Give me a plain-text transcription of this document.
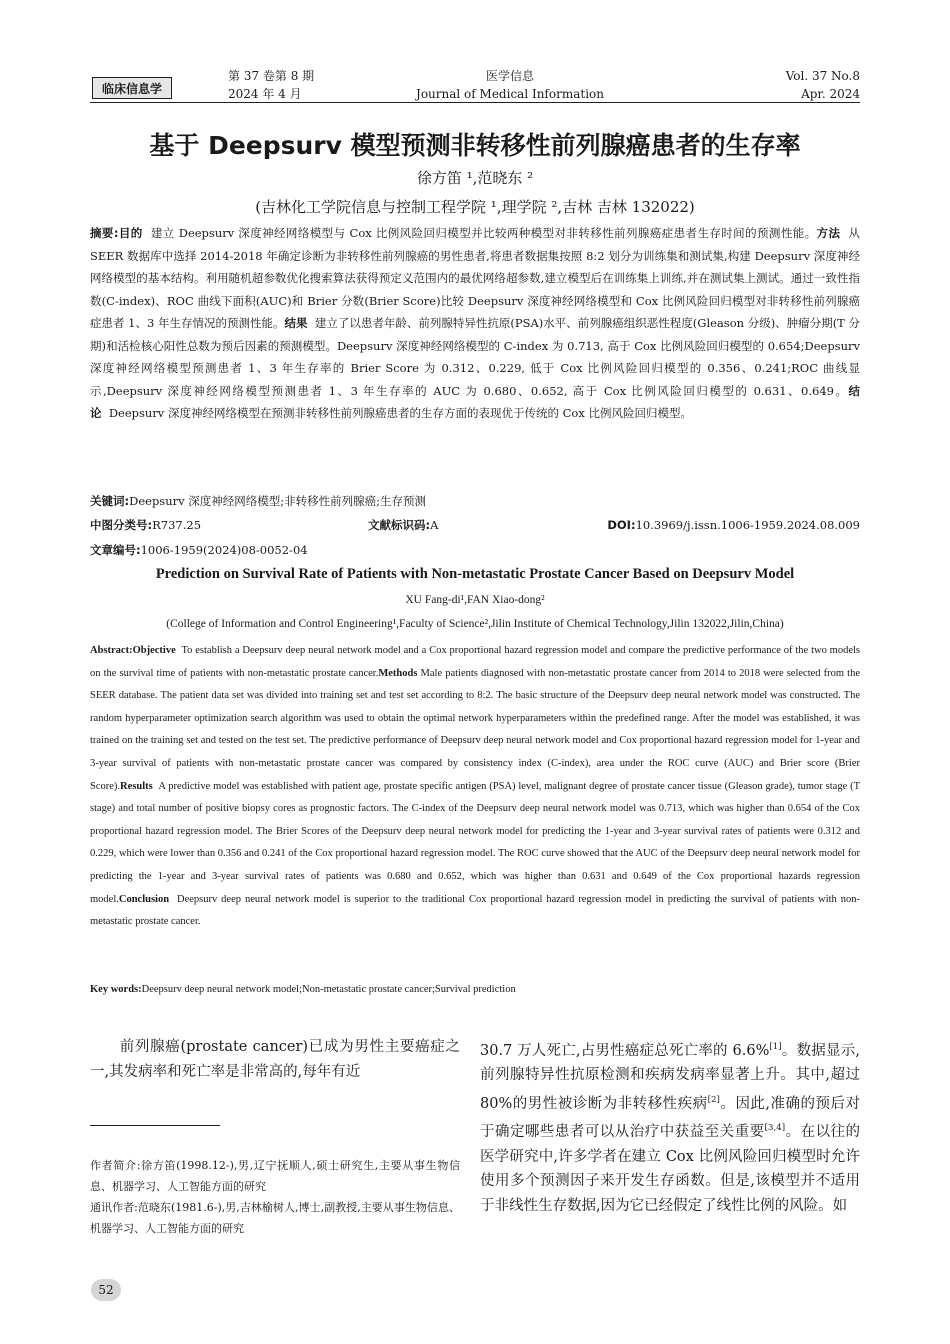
临床信息学
第 37 卷第 8 期
2024 年 4 月
医学信息
Journal of Medical Information
Vol. 37 No.8
Apr. 2024
基于 Deepsurv 模型预测非转移性前列腺癌患者的生存率
徐方笛 ¹,范晓东 ²
(吉林化工学院信息与控制工程学院 ¹,理学院 ²,吉林 吉林 132022)
摘要:目的 建立 Deepsurv 深度神经网络模型与 Cox 比例风险回归模型并比较两种模型对非转移性前列腺癌症患者生存时间的预测性能。方法 从 SEER 数据库中选择 2014-2018 年确定诊断为非转移性前列腺癌的男性患者,将患者数据集按照 8:2 划分为训练集和测试集,构建 Deepsurv 深度神经网络模型的基本结构。利用随机超参数优化搜索算法获得预定义范围内的最优网络超参数,建立模型后在训练集上训练,并在测试集上测试。通过一致性指数(C-index)、ROC 曲线下面积(AUC)和 Brier 分数(Brier Score)比较 Deepsurv 深度神经网络模型和 Cox 比例风险回归模型对非转移性前列腺癌症患者 1、3 年生存情况的预测性能。结果 建立了以患者年龄、前列腺特异性抗原(PSA)水平、前列腺癌组织恶性程度(Gleason 分级)、肿瘤分期(T 分期)和活检核心阳性总数为预后因素的预测模型。Deepsurv 深度神经网络模型的 C-index 为 0.713, 高于 Cox 比例风险回归模型的 0.654;Deepsurv 深度神经网络模型预测患者 1、3 年生存率的 Brier Score 为 0.312、0.229, 低于 Cox 比例风险回归模型的 0.356、0.241;ROC 曲线显示,Deepsurv 深度神经网络模型预测患者 1、3 年生存率的 AUC 为 0.680、0.652, 高于 Cox 比例风险回归模型的 0.631、0.649。结论 Deepsurv 深度神经网络模型在预测非转移性前列腺癌患者的生存方面的表现优于传统的 Cox 比例风险回归模型。
关键词:Deepsurv 深度神经网络模型;非转移性前列腺癌;生存预测
中图分类号:R737.25	文献标识码:A	DOI:10.3969/j.issn.1006-1959.2024.08.009
文章编号:1006-1959(2024)08-0052-04
Prediction on Survival Rate of Patients with Non-metastatic Prostate Cancer Based on Deepsurv Model
XU Fang-di¹,FAN Xiao-dong²
(College of Information and Control Engineering¹,Faculty of Science²,Jilin Institute of Chemical Technology,Jilin 132022,Jilin,China)
Abstract:Objective To establish a Deepsurv deep neural network model and a Cox proportional hazard regression model and compare the predictive performance of the two models on the survival time of patients with non-metastatic prostate cancer.Methods Male patients diagnosed with non-metastatic prostate cancer from 2014 to 2018 were selected from the SEER database. The patient data set was divided into training set and test set according to 8:2. The basic structure of the Deepsurv deep neural network model was constructed. The random hyperparameter optimization search algorithm was used to obtain the optimal network hyperparameters within the predefined range. After the model was established, it was trained on the training set and tested on the test set. The predictive performance of Deepsurv deep neural network model and Cox proportional hazard regression model for 1-year and 3-year survival of patients with non-metastatic prostate cancer was compared by consistency index (C-index), area under the ROC curve (AUC) and Brier score (Brier Score).Results A predictive model was established with patient age, prostate specific antigen (PSA) level, malignant degree of prostate cancer tissue (Gleason grade), tumor stage (T stage) and total number of positive biopsy cores as prognostic factors. The C-index of the Deepsurv deep neural network model was 0.713, which was higher than 0.654 of the Cox proportional hazard regression model. The Brier Scores of the Deepsurv deep neural network model for predicting the 1-year and 3-year survival rates of patients were 0.312 and 0.229, which were lower than 0.356 and 0.241 of the Cox proportional hazard regression model. The ROC curve showed that the AUC of the Deepsurv deep neural network model for predicting the 1-year and 3-year survival rates of patients was 0.680 and 0.652, which was higher than 0.631 and 0.649 of the Cox proportional hazards regression model.Conclusion Deepsurv deep neural network model is superior to the traditional Cox proportional hazard regression model in predicting the survival of patients with non-metastatic prostate cancer.
Key words:Deepsurv deep neural network model;Non-metastatic prostate cancer;Survival prediction
  前列腺癌(prostate cancer)已成为男性主要癌症之一,其发病率和死亡率是非常高的,每年有近
作者简介:徐方笛(1998.12-),男,辽宁抚顺人,硕士研究生,主要从事生物信息、机器学习、人工智能方面的研究
通讯作者:范晓东(1981.6-),男,吉林榆树人,博士,副教授,主要从事生物信息、机器学习、人工智能方面的研究
30.7 万人死亡,占男性癌症总死亡率的 6.6%[1]。数据显示,前列腺特异性抗原检测和疾病发病率显著上升。其中,超过 80%的男性被诊断为非转移性疾病[2]。因此,准确的预后对于确定哪些患者可以从治疗中获益至关重要[3,4]。在以往的医学研究中,许多学者在建立 Cox 比例风险回归模型时允许使用多个预测因子来开发生存函数。但是,该模型并不适用于非线性生存数据,因为它已经假定了线性比例的风险。如
52
